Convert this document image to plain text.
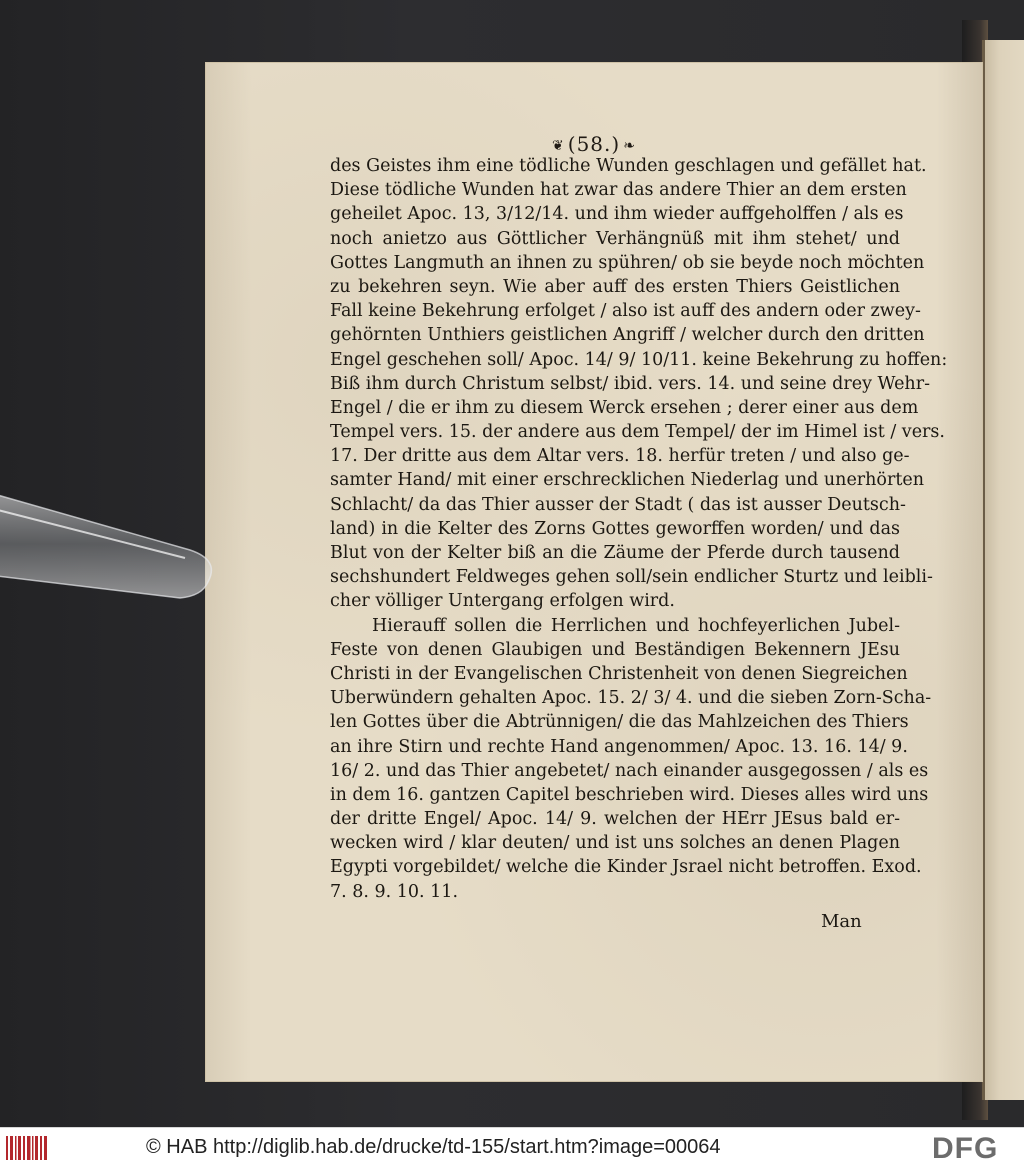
❦ (58.) ❧
des Geistes ihm eine tödliche Wunden geschlagen und gefället hat.
Diese tödliche Wunden hat zwar das andere Thier an dem ersten
geheilet Apoc. 13, 3/12/14. und ihm wieder auffgeholffen / als es
noch anietzo aus Göttlicher Verhängnüß mit ihm stehet/ und
Gottes Langmuth an ihnen zu spühren/ ob sie beyde noch möchten
zu bekehren seyn. Wie aber auff des ersten Thiers Geistlichen
Fall keine Bekehrung erfolget / also ist auff des andern oder zwey-
gehörnten Unthiers geistlichen Angriff / welcher durch den dritten
Engel geschehen soll/ Apoc. 14/ 9/ 10/11. keine Bekehrung zu hoffen:
Biß ihm durch Christum selbst/ ibid. vers. 14. und seine drey Wehr-
Engel / die er ihm zu diesem Werck ersehen ; derer einer aus dem
Tempel vers. 15. der andere aus dem Tempel/ der im Himel ist / vers.
17. Der dritte aus dem Altar vers. 18. herfür treten / und also ge-
samter Hand/ mit einer erschrecklichen Niederlag und unerhörten
Schlacht/ da das Thier ausser der Stadt ( das ist ausser Deutsch-
land) in die Kelter des Zorns Gottes geworffen worden/ und das
Blut von der Kelter biß an die Zäume der Pferde durch tausend
sechshundert Feldweges gehen soll/sein endlicher Sturtz und leibli-
cher völliger Untergang erfolgen wird.
Hierauff sollen die Herrlichen und hochfeyerlichen Jubel-
Feste von denen Glaubigen und Beständigen Bekennern JEsu
Christi in der Evangelischen Christenheit von denen Siegreichen
Uberwündern gehalten Apoc. 15. 2/ 3/ 4. und die sieben Zorn-Scha-
len Gottes über die Abtrünnigen/ die das Mahlzeichen des Thiers
an ihre Stirn und rechte Hand angenommen/ Apoc. 13. 16. 14/ 9.
16/ 2. und das Thier angebetet/ nach einander ausgegossen / als es
in dem 16. gantzen Capitel beschrieben wird. Dieses alles wird uns
der dritte Engel/ Apoc. 14/ 9. welchen der HErr JEsus bald er-
wecken wird / klar deuten/ und ist uns solches an denen Plagen
Egypti vorgebildet/ welche die Kinder Jsrael nicht betroffen. Exod.
7. 8. 9. 10. 11.
Man
© HAB http://diglib.hab.de/drucke/td-155/start.htm?image=00064	DFG
